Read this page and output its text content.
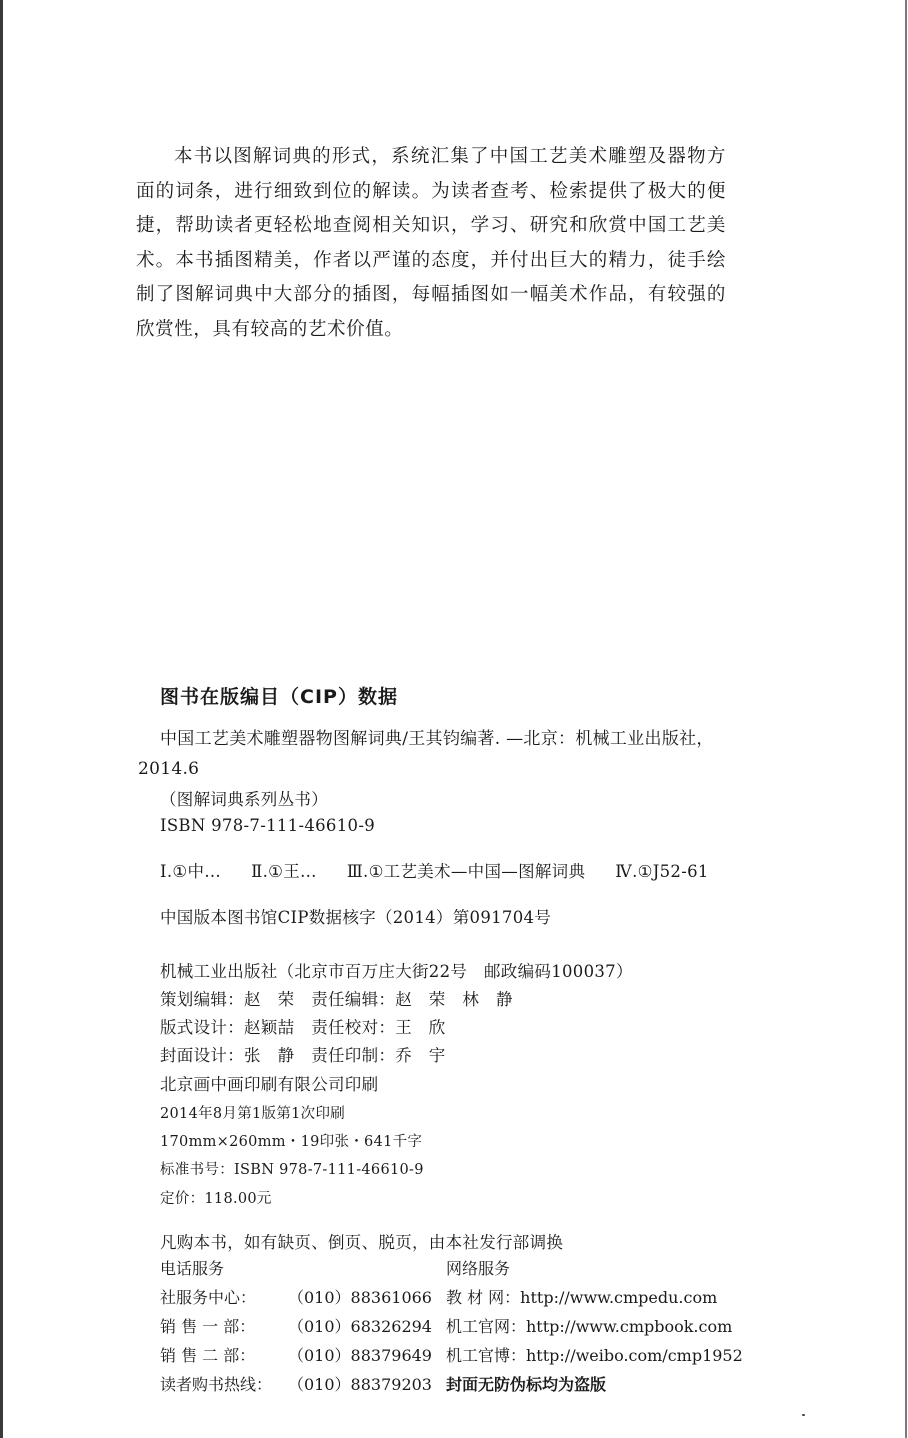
本书以图解词典的形式，系统汇集了中国工艺美术雕塑及器物方面的词条，进行细致到位的解读。为读者查考、检索提供了极大的便捷，帮助读者更轻松地查阅相关知识，学习、研究和欣赏中国工艺美术。本书插图精美，作者以严谨的态度，并付出巨大的精力，徒手绘制了图解词典中大部分的插图，每幅插图如一幅美术作品，有较强的欣赏性，具有较高的艺术价值。

图书在版编目（CIP）数据

中国工艺美术雕塑器物图解词典/王其钧编著. —北京：机械工业出版社，2014.6

（图解词典系列丛书）
ISBN 978-7-111-46610-9
Ⅰ.①中… Ⅱ.①王… Ⅲ.①工艺美术—中国—图解词典 Ⅳ.①J52-61
中国版本图书馆CIP数据核字（2014）第091704号
机械工业出版社（北京市百万庄大街22号　邮政编码100037）
策划编辑：赵　荣　责任编辑：赵　荣　林　静
版式设计：赵颖喆　责任校对：王　欣
封面设计：张　静　责任印制：乔　宇
北京画中画印刷有限公司印刷
2014年8月第1版第1次印刷
170mm×260mm・19印张・641千字
标准书号：ISBN 978-7-111-46610-9
定价：118.00元
凡购本书，如有缺页、倒页、脱页，由本社发行部调换
电话服务	网络服务
社服务中心： （010）88361066 教 材 网：http://www.cmpedu.com
销 售 一 部： （010）68326294 机工官网：http://www.cmpbook.com
销 售 二 部： （010）88379649 机工官博：http://weibo.com/cmp1952
读者购书热线： （010）88379203 封面无防伪标均为盗版
